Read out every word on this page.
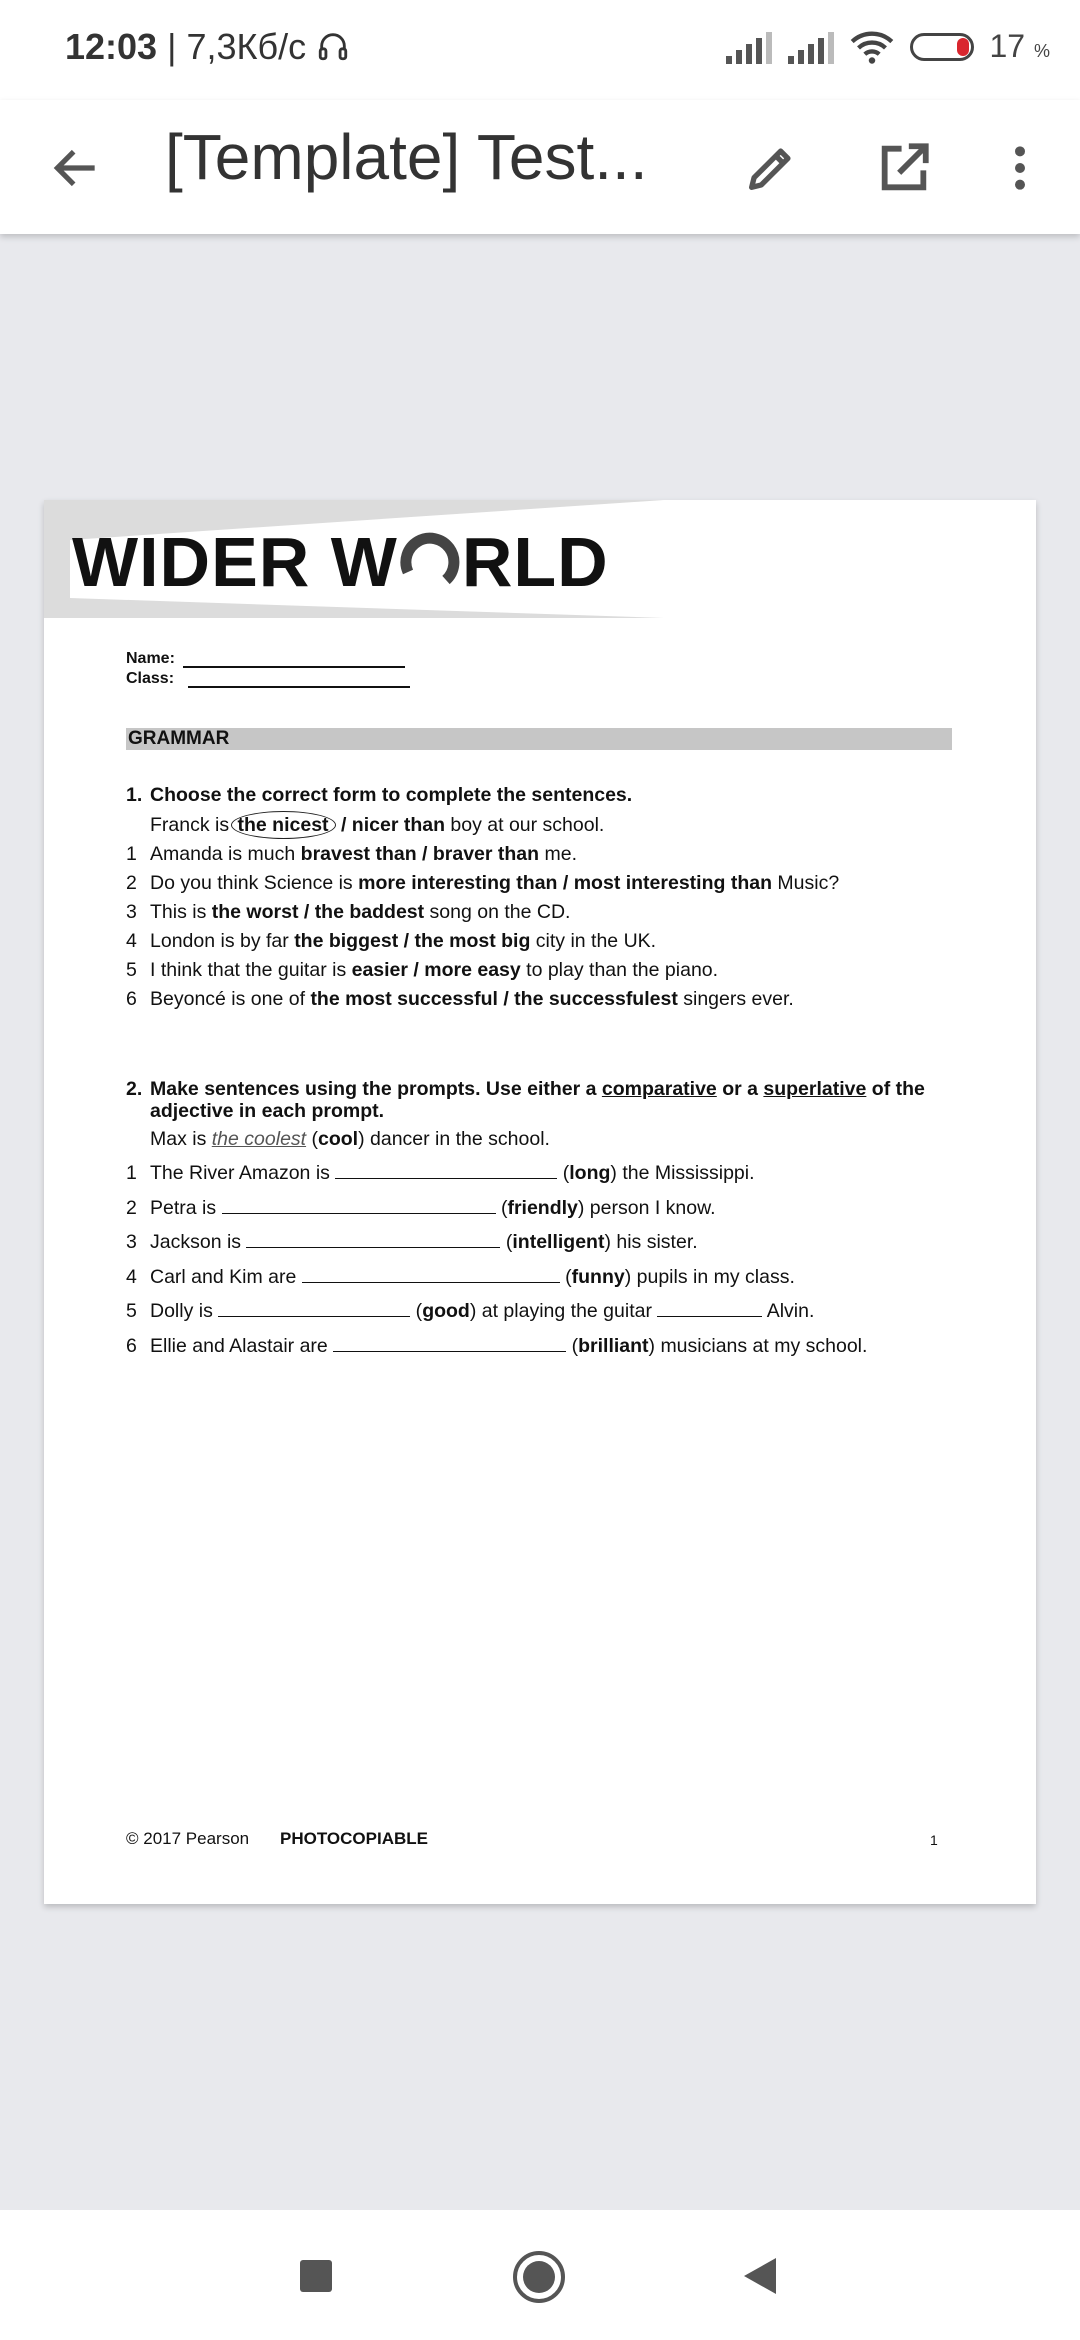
12:03 | 7,3Кб/с	17 %
[Template] Test...
WIDER W RLD
Name:
Class:
GRAMMAR
1. Choose the correct form to complete the sentences.
Franck is the nicest / nicer than boy at our school.
1 Amanda is much bravest than / braver than me.
2 Do you think Science is more interesting than / most interesting than Music?
3 This is the worst / the baddest song on the CD.
4 London is by far the biggest / the most big city in the UK.
5 I think that the guitar is easier / more easy to play than the piano.
6 Beyoncé is one of the most successful / the successfulest singers ever.
2. Make sentences using the prompts. Use either a comparative or a superlative of the
adjective in each prompt.
Max is the coolest (cool) dancer in the school.
1 The River Amazon is	(long) the Mississippi.
2 Petra is	(friendly) person I know.
3 Jackson is	(intelligent) his sister.
4 Carl and Kim are	(funny) pupils in my class.
5 Dolly is	(good) at playing the guitar	Alvin.
6 Ellie and Alastair are	(brilliant) musicians at my school.
© 2017 Pearson PHOTOCOPIABLE	1
